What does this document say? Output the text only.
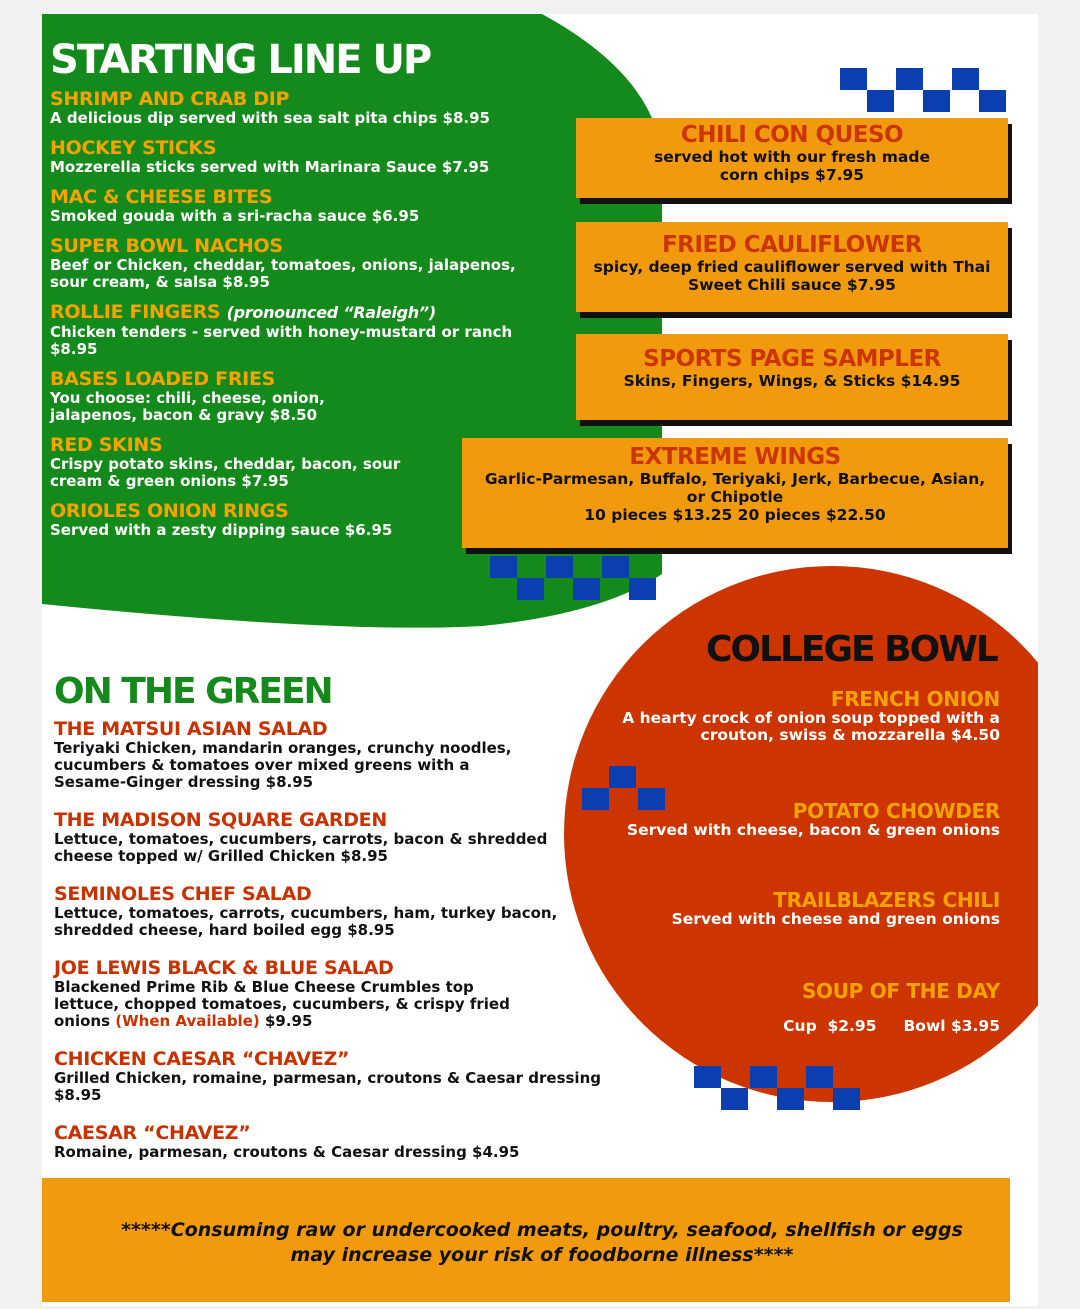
STARTING LINE UP
SHRIMP AND CRAB DIP
A delicious dip served with sea salt pita chips $8.95
HOCKEY STICKS
Mozzerella sticks served with Marinara Sauce $7.95
MAC & CHEESE BITES
Smoked gouda with a sri-racha sauce $6.95
SUPER BOWL NACHOS
Beef or Chicken, cheddar, tomatoes, onions, jalapenos, sour cream, & salsa $8.95
ROLLIE FINGERS (pronounced “Raleigh”)
Chicken tenders - served with honey-mustard or ranch $8.95
BASES LOADED FRIES
You choose: chili, cheese, onion, jalapenos, bacon & gravy $8.50
RED SKINS
Crispy potato skins, cheddar, bacon, sour cream & green onions $7.95
ORIOLES ONION RINGS
Served with a zesty dipping sauce $6.95
CHILI CON QUESO
served hot with our fresh made corn chips $7.95
FRIED CAULIFLOWER
spicy, deep fried cauliflower served with Thai Sweet Chili sauce $7.95
SPORTS PAGE SAMPLER
Skins, Fingers, Wings, & Sticks $14.95
EXTREME WINGS
Garlic-Parmesan, Buffalo, Teriyaki, Jerk, Barbecue, Asian, or Chipotle
10 pieces $13.25 20 pieces $22.50
COLLEGE BOWL
FRENCH ONION
A hearty crock of onion soup topped with a crouton, swiss & mozzarella $4.50
POTATO CHOWDER
Served with cheese, bacon & green onions
TRAILBLAZERS CHILI
Served with cheese and green onions
SOUP OF THE DAY
Cup  $2.95     Bowl $3.95
ON THE GREEN
THE MATSUI ASIAN SALAD
Teriyaki Chicken, mandarin oranges, crunchy noodles, cucumbers & tomatoes over mixed greens with a Sesame-Ginger dressing $8.95
THE MADISON SQUARE GARDEN
Lettuce, tomatoes, cucumbers, carrots, bacon & shredded cheese topped w/ Grilled Chicken $8.95
SEMINOLES CHEF SALAD
Lettuce, tomatoes, carrots, cucumbers, ham, turkey bacon, shredded cheese, hard boiled egg $8.95
JOE LEWIS BLACK & BLUE SALAD
Blackened Prime Rib & Blue Cheese Crumbles top lettuce, chopped tomatoes, cucumbers, & crispy fried onions (When Available) $9.95
CHICKEN CAESAR “CHAVEZ”
Grilled Chicken, romaine, parmesan, croutons & Caesar dressing $8.95
CAESAR “CHAVEZ”
Romaine, parmesan, croutons & Caesar dressing $4.95
*****Consuming raw or undercooked meats, poultry, seafood, shellfish or eggs may increase your risk of foodborne illness****
